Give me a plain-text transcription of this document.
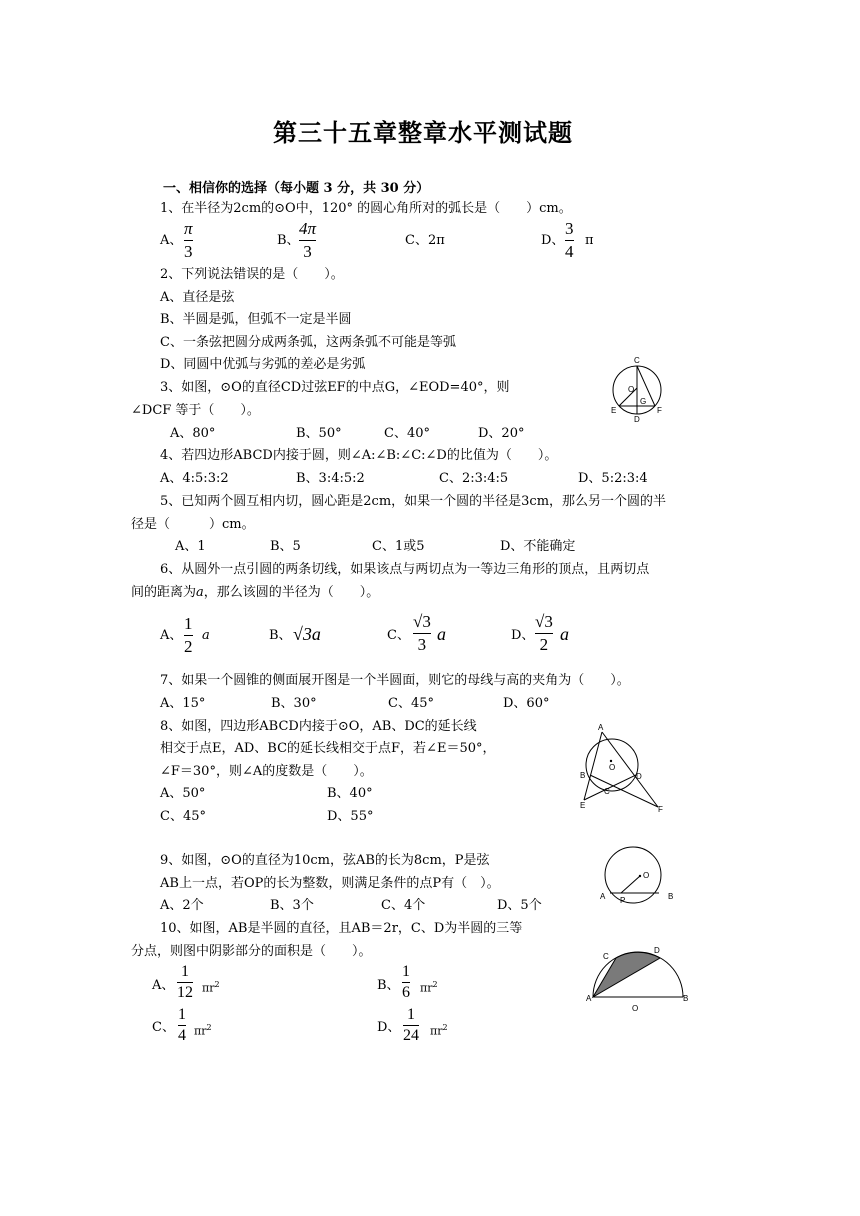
第三十五章整章水平测试题
一、相信你的选择（每小题 3 分，共 30 分）
1、在半径为2cm的⊙O中，120° 的圆心角所对的弧长是（　　）cm。
A、
π
3
B、
4π
3
C、2π	D、
3
4
π
2、下列说法错误的是（　　）。
A、直径是弦
B、半圆是弧，但弧不一定是半圆
C、一条弦把圆分成两条弧，这两条弧不可能是等弧
D、同圆中优弧与劣弧的差必是劣弧
3、如图，⊙O的直径CD过弦EF的中点G，∠EOD=40°，则
∠DCF 等于（　　）。
A、80°	B、50°	C、40°	D、20°
C
O
G
E
D
F
4、若四边形ABCD内接于圆，则∠A:∠B:∠C:∠D的比值为（　　）。
A、4:5:3:2	B、3:4:5:2	C、2:3:4:5	D、5:2:3:4
5、已知两个圆互相内切，圆心距是2cm，如果一个圆的半径是3cm，那么另一个圆的半
径是（　　　）cm。
A、1	B、5	C、1或5	D、不能确定
6、从圆外一点引圆的两条切线，如果该点与两切点为一等边三角形的顶点，且两切点
间的距离为a，那么该圆的半径为（　　）。
A、
1
2
a	B、 √3a	C、
√3
3
a	D、
√3
2
a
7、如果一个圆锥的侧面展开图是一个半圆面，则它的母线与高的夹角为（　　）。
A、15°	B、30°	C、45°	D、60°
8、如图，四边形ABCD内接于⊙O，AB、DC的延长线
相交于点E，AD、BC的延长线相交于点F，若∠E＝50°，
∠F＝30°，则∠A的度数是（　　）。
A、50°	B、40°
C、45°	D、55°
A
B
O
D
C
E	F
9、如图，⊙O的直径为10cm，弦AB的长为8cm，P是弦
AB上一点，若OP的长为整数，则满足条件的点P有（　）。
A、2个	B、3个	C、4个	D、5个
O
A P	B
10、如图，AB是半圆的直径，且AB＝2r，C、D为半圆的三等
分点，则图中阴影部分的面积是（　　）。
A、
1
12 $\pi r^2$	B、
1
6 $\pi r^2$
C、
1
4 $\pi r^2$	D、
1
24 $\pi r^2$
C
D
A
O
B
